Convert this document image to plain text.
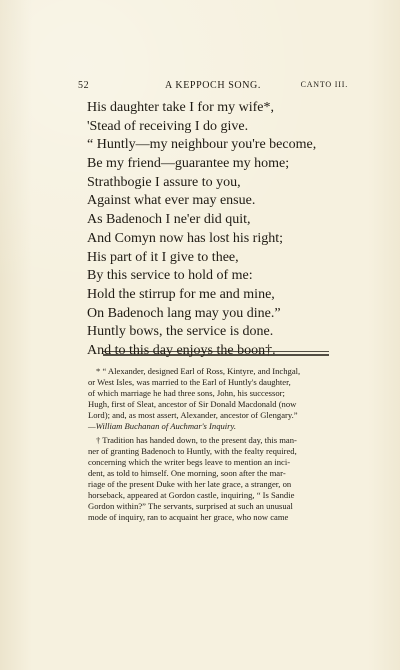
52	A KEPPOCH SONG.	CANTO III.
His daughter take I for my wife*,
'Stead of receiving I do give.
“ Huntly—my neighbour you're become,
Be my friend—guarantee my home;
Strathbogie I assure to you,
Against what ever may ensue.
As Badenoch I ne'er did quit,
And Comyn now has lost his right;
His part of it I give to thee,
By this service to hold of me:
Hold the stirrup for me and mine,
On Badenoch lang may you dine.”
Huntly bows, the service is done.
And to this day enjoys the boon†.

* “ Alexander, designed Earl of Ross, Kintyre, and Inchgal,

or West Isles, was married to the Earl of Huntly's daughter,

of which marriage he had three sons, John, his successor;

Hugh, first of Sleat, ancestor of Sir Donald Macdonald (now

Lord); and, as most assert, Alexander, ancestor of Glengary.”

—William Buchanan of Auchmar's Inquiry.

† Tradition has handed down, to the present day, this man-

ner of granting Badenoch to Huntly, with the fealty required,

concerning which the writer begs leave to mention an inci-

dent, as told to himself. One morning, soon after the mar-

riage of the present Duke with her late grace, a stranger, on

horseback, appeared at Gordon castle, inquiring, “ Is Sandie

Gordon within?” The servants, surprised at such an unusual

mode of inquiry, ran to acquaint her grace, who now came
